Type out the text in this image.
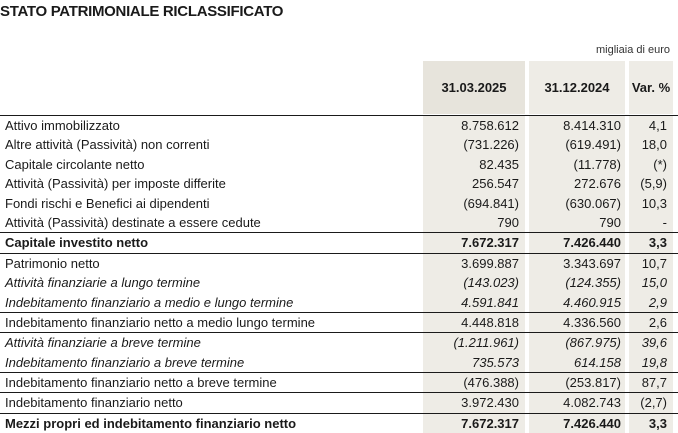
STATO PATRIMONIALE RICLASSIFICATO
migliaia di euro
31.03.2025	31.12.2024	Var. %
Attivo immobilizzato	8.758.612	8.414.310	4,1
Altre attività (Passività) non correnti	(731.226)	(619.491)	18,0
Capitale circolante netto	82.435	(11.778)	(*)
Attività (Passività) per imposte differite	256.547	272.676	(5,9)
Fondi rischi e Benefici ai dipendenti	(694.841)	(630.067)	10,3
Attività (Passività) destinate a essere cedute	790	790	-
Capitale investito netto	7.672.317	7.426.440	3,3
Patrimonio netto	3.699.887	3.343.697	10,7
Attività finanziarie a lungo termine	(143.023)	(124.355)	15,0
Indebitamento finanziario a medio e lungo termine	4.591.841	4.460.915	2,9
Indebitamento finanziario netto a medio lungo termine	4.448.818	4.336.560	2,6
Attività finanziarie a breve termine	(1.211.961)	(867.975)	39,6
Indebitamento finanziario a breve termine	735.573	614.158	19,8
Indebitamento finanziario netto a breve termine	(476.388)	(253.817)	87,7
Indebitamento finanziario netto	3.972.430	4.082.743	(2,7)
Mezzi propri ed indebitamento finanziario netto	7.672.317	7.426.440	3,3
